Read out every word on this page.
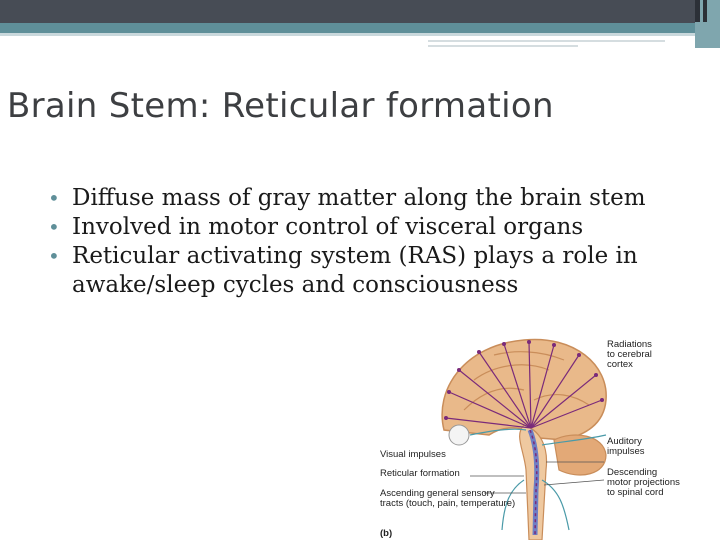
Brain Stem: Reticular formation
• Diffuse mass of gray matter along the brain stem
• Involved in motor control of visceral organs
• Reticular activating system (RAS) plays a role in
awake/sleep cycles and consciousness
Radiations to cerebral cortex
Auditory impulses
Visual impulses
Reticular formation	Descending motor projections to spinal cord
Ascending general sensory tracts (touch, pain, temperature)
(b)
